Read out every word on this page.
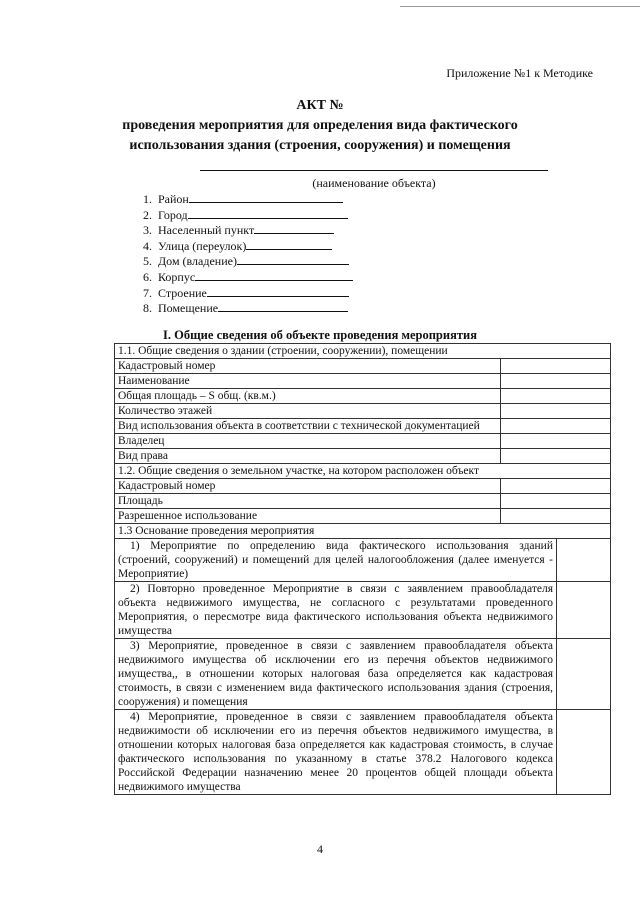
Приложение №1 к Методике
АКТ №
проведения мероприятия для определения вида фактического
использования здания (строения, сооружения) и помещения
(наименование объекта)
1. Район
2. Город
3. Населенный пункт
4. Улица (переулок)
5. Дом (владение)
6. Корпус
7. Строение
8. Помещение
I. Общие сведения об объекте проведения мероприятия
1.1. Общие сведения о здании (строении, сооружении), помещении		
Кадастровый номер		
Наименование		
Общая площадь – S общ. (кв.м.)		
Количество этажей		
Вид использования объекта в соответствии с технической документацией		
Владелец		
Вид права		
1.2. Общие сведения о земельном участке, на котором расположен объект		
Кадастровый номер		
Площадь		
Разрешенное использование		
1.3 Основание проведения мероприятия		
1) Мероприятие по определению вида фактического использования зданий (строений, сооружений) и помещений для целей налогообложения (далее именуется - Мероприятие)		
2) Повторно проведенное Мероприятие в связи с заявлением правообладателя объекта недвижимого имущества, не согласного с результатами проведенного Мероприятия, о пересмотре вида фактического использования объекта недвижимого имущества		
3) Мероприятие, проведенное в связи с заявлением правообладателя объекта недвижимого имущества об исключении его из перечня объектов недвижимого имущества,, в отношении которых налоговая база определяется как кадастровая стоимость, в связи с изменением вида фактического использования здания (строения, сооружения) и помещения		
4) Мероприятие, проведенное в связи с заявлением правообладателя объекта недвижимости об исключении его из перечня объектов недвижимого имущества, в отношении которых налоговая база определяется как кадастровая стоимость, в случае фактического использования по указанному в статье 378.2 Налогового кодекса Российской Федерации назначению менее 20 процентов общей площади объекта недвижимого имущества		
4
